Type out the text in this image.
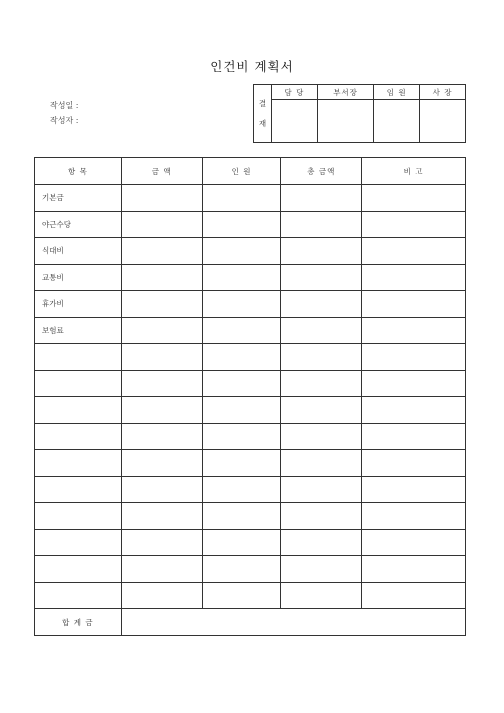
인건비 계획서
작성일 :
작성자 :
결
재	담 당	부서장	임 원	사 장

항 목	금 액	인 원	총 금액	비 고
기본금				
야근수당				
식대비				
교통비				
휴가비				
보험료				

합 계 금				
